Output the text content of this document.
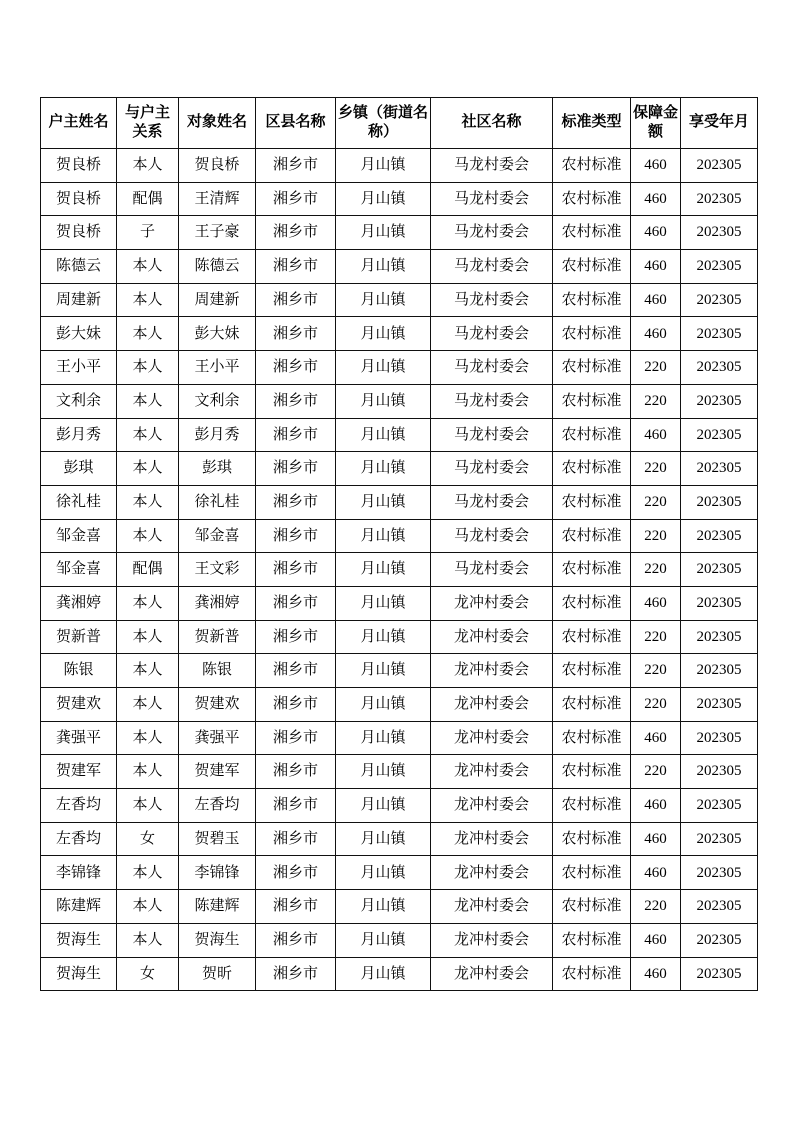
户主姓名	与户主关系	对象姓名	区县名称	乡镇（街道名称）	社区名称	标准类型	保障金额	享受年月
贺良桥	本人	贺良桥	湘乡市	月山镇	马龙村委会	农村标准	460	202305
贺良桥	配偶	王清辉	湘乡市	月山镇	马龙村委会	农村标准	460	202305
贺良桥	子	王子豪	湘乡市	月山镇	马龙村委会	农村标准	460	202305
陈德云	本人	陈德云	湘乡市	月山镇	马龙村委会	农村标准	460	202305
周建新	本人	周建新	湘乡市	月山镇	马龙村委会	农村标准	460	202305
彭大妹	本人	彭大妹	湘乡市	月山镇	马龙村委会	农村标准	460	202305
王小平	本人	王小平	湘乡市	月山镇	马龙村委会	农村标准	220	202305
文利余	本人	文利余	湘乡市	月山镇	马龙村委会	农村标准	220	202305
彭月秀	本人	彭月秀	湘乡市	月山镇	马龙村委会	农村标准	460	202305
彭琪	本人	彭琪	湘乡市	月山镇	马龙村委会	农村标准	220	202305
徐礼桂	本人	徐礼桂	湘乡市	月山镇	马龙村委会	农村标准	220	202305
邹金喜	本人	邹金喜	湘乡市	月山镇	马龙村委会	农村标准	220	202305
邹金喜	配偶	王文彩	湘乡市	月山镇	马龙村委会	农村标准	220	202305
龚湘婷	本人	龚湘婷	湘乡市	月山镇	龙冲村委会	农村标准	460	202305
贺新普	本人	贺新普	湘乡市	月山镇	龙冲村委会	农村标准	220	202305
陈银	本人	陈银	湘乡市	月山镇	龙冲村委会	农村标准	220	202305
贺建欢	本人	贺建欢	湘乡市	月山镇	龙冲村委会	农村标准	220	202305
龚强平	本人	龚强平	湘乡市	月山镇	龙冲村委会	农村标准	460	202305
贺建军	本人	贺建军	湘乡市	月山镇	龙冲村委会	农村标准	220	202305
左香均	本人	左香均	湘乡市	月山镇	龙冲村委会	农村标准	460	202305
左香均	女	贺碧玉	湘乡市	月山镇	龙冲村委会	农村标准	460	202305
李锦锋	本人	李锦锋	湘乡市	月山镇	龙冲村委会	农村标准	460	202305
陈建辉	本人	陈建辉	湘乡市	月山镇	龙冲村委会	农村标准	220	202305
贺海生	本人	贺海生	湘乡市	月山镇	龙冲村委会	农村标准	460	202305
贺海生	女	贺昕	湘乡市	月山镇	龙冲村委会	农村标准	460	202305
